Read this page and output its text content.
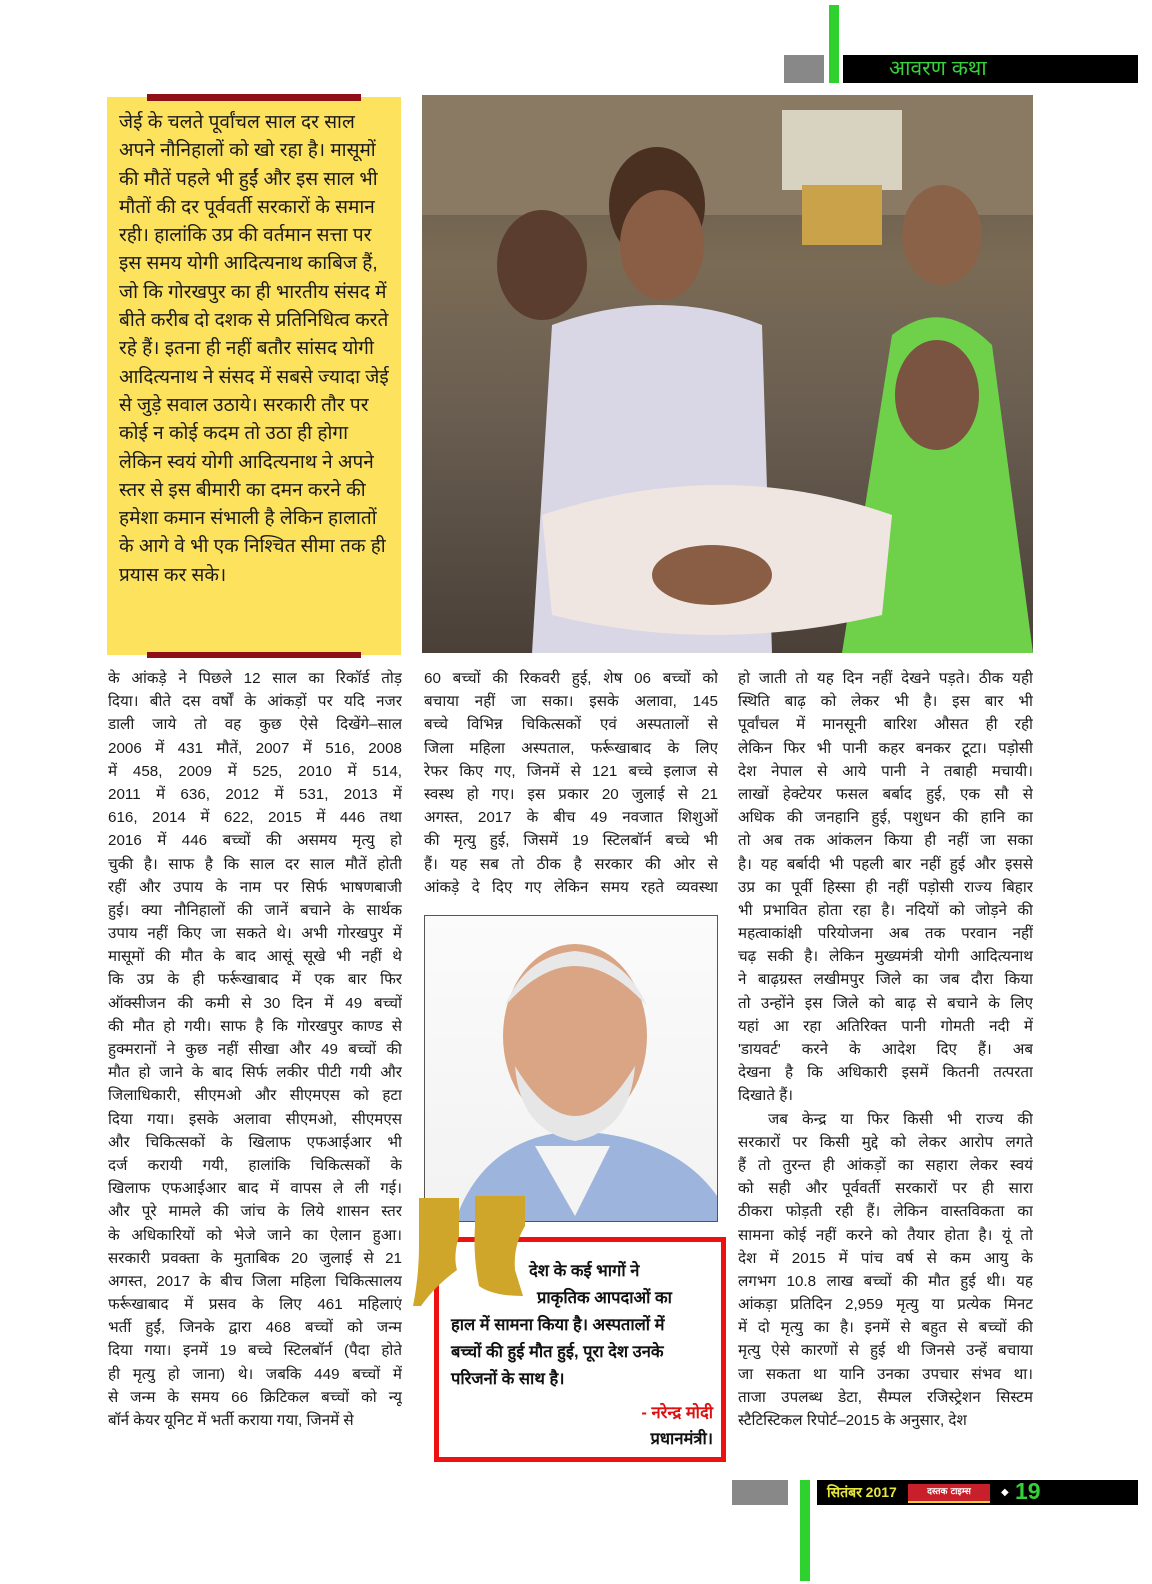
आवरण कथा
जेई के चलते पूर्वांचल साल दर साल
अपने नौनिहालों को खो रहा है। मासूमों
की मौतें पहले भी हुईं और इस साल भी
मौतों की दर पूर्ववर्ती सरकारों के समान
रही। हालांकि उप्र की वर्तमान सत्ता पर
इस समय योगी आदित्यनाथ काबिज हैं,
जो कि गोरखपुर का ही भारतीय संसद में
बीते करीब दो दशक से प्रतिनिधित्व करते
रहे हैं। इतना ही नहीं बतौर सांसद योगी
आदित्यनाथ ने संसद में सबसे ज्यादा जेई
से जुड़े सवाल उठाये। सरकारी तौर पर
कोई न कोई कदम तो उठा ही होगा
लेकिन स्वयं योगी आदित्यनाथ ने अपने
स्तर से इस बीमारी का दमन करने की
हमेशा कमान संभाली है लेकिन हालातों
के आगे वे भी एक निश्चित सीमा तक ही
प्रयास कर सके।
के आंकड़े ने पिछले 12 साल का रिकॉर्ड तोड़
दिया। बीते दस वर्षों के आंकड़ों पर यदि नजर
डाली जाये तो वह कुछ ऐसे दिखेंगे–साल
2006 में 431 मौतें, 2007 में 516, 2008
में 458, 2009 में 525, 2010 में 514,
2011 में 636, 2012 में 531, 2013 में
616, 2014 में 622, 2015 में 446 तथा
2016 में 446 बच्चों की असमय मृत्यु हो
चुकी है। साफ है कि साल दर साल मौतें होती
रहीं और उपाय के नाम पर सिर्फ भाषणबाजी
हुई। क्या नौनिहालों की जानें बचाने के सार्थक
उपाय नहीं किए जा सकते थे। अभी गोरखपुर में
मासूमों की मौत के बाद आसूं सूखे भी नहीं थे
कि उप्र के ही फर्रूखाबाद में एक बार फिर
ऑक्सीजन की कमी से 30 दिन में 49 बच्चों
की मौत हो गयी। साफ है कि गोरखपुर काण्ड से
हुक्मरानों ने कुछ नहीं सीखा और 49 बच्चों की
मौत हो जाने के बाद सिर्फ लकीर पीटी गयी और
जिलाधिकारी, सीएमओ और सीएमएस को हटा
दिया गया। इसके अलावा सीएमओ, सीएमएस
और चिकित्सकों के खिलाफ एफआईआर भी
दर्ज करायी गयी, हालांकि चिकित्सकों के
खिलाफ एफआईआर बाद में वापस ले ली गई।
और पूरे मामले की जांच के लिये शासन स्तर
के अधिकारियों को भेजे जाने का ऐलान हुआ।
सरकारी प्रवक्ता के मुताबिक 20 जुलाई से 21
अगस्त, 2017 के बीच जिला महिला चिकित्सालय
फर्रूखाबाद में प्रसव के लिए 461 महिलाएं
भर्ती हुईं, जिनके द्वारा 468 बच्चों को जन्म
दिया गया। इनमें 19 बच्चे स्टिलबॉर्न (पैदा होते
ही मृत्यु हो जाना) थे। जबकि 449 बच्चों में
से जन्म के समय 66 क्रिटिकल बच्चों को न्यू
बॉर्न केयर यूनिट में भर्ती कराया गया, जिनमें से
60 बच्चों की रिकवरी हुई, शेष 06 बच्चों को
बचाया नहीं जा सका। इसके अलावा, 145
बच्चे विभिन्न चिकित्सकों एवं अस्पतालों से
जिला महिला अस्पताल, फर्रूखाबाद के लिए
रेफर किए गए, जिनमें से 121 बच्चे इलाज से
स्वस्थ हो गए। इस प्रकार 20 जुलाई से 21
अगस्त, 2017 के बीच 49 नवजात शिशुओं
की मृत्यु हुई, जिसमें 19 स्टिलबॉर्न बच्चे भी
हैं। यह सब तो ठीक है सरकार की ओर से
आंकड़े दे दिए गए लेकिन समय रहते व्यवस्था
हो जाती तो यह दिन नहीं देखने पड़ते। ठीक यही
स्थिति बाढ़ को लेकर भी है। इस बार भी
पूर्वांचल में मानसूनी बारिश औसत ही रही
लेकिन फिर भी पानी कहर बनकर टूटा। पड़ोसी
देश नेपाल से आये पानी ने तबाही मचायी।
लाखों हेक्टेयर फसल बर्बाद हुई, एक सौ से
अधिक की जनहानि हुई, पशुधन की हानि का
तो अब तक आंकलन किया ही नहीं जा सका
है। यह बर्बादी भी पहली बार नहीं हुई और इससे
उप्र का पूर्वी हिस्सा ही नहीं पड़ोसी राज्य बिहार
भी प्रभावित होता रहा है। नदियों को जोड़ने की
महत्वाकांक्षी परियोजना अब तक परवान नहीं
चढ़ सकी है। लेकिन मुख्यमंत्री योगी आदित्यनाथ
ने बाढ़ग्रस्त लखीमपुर जिले का जब दौरा किया
तो उन्होंने इस जिले को बाढ़ से बचाने के लिए
यहां आ रहा अतिरिक्त पानी गोमती नदी में
'डायवर्ट' करने के आदेश दिए हैं। अब
देखना है कि अधिकारी इसमें कितनी तत्परता
दिखाते हैं।
जब केन्द्र या फिर किसी भी राज्य की
सरकारों पर किसी मुद्दे को लेकर आरोप लगते
हैं तो तुरन्त ही आंकड़ों का सहारा लेकर स्वयं
को सही और पूर्ववर्ती सरकारों पर ही सारा
ठीकरा फोड़ती रही हैं। लेकिन वास्तविकता का
सामना कोई नहीं करने को तैयार होता है। यूं तो
देश में 2015 में पांच वर्ष से कम आयु के
लगभग 10.8 लाख बच्चों की मौत हुई थी। यह
आंकड़ा प्रतिदिन 2,959 मृत्यु या प्रत्येक मिनट
में दो मृत्यु का है। इनमें से बहुत से बच्चों की
मृत्यु ऐसे कारणों से हुई थी जिनसे उन्हें बचाया
जा सकता था यानि उनका उपचार संभव था।
ताजा उपलब्ध डेटा, सैम्पल रजिस्ट्रेशन सिस्टम
स्टैटिस्टिकल रिपोर्ट–2015 के अनुसार, देश
देश के कई भागों ने
प्राकृतिक आपदाओं का
हाल में सामना किया है। अस्पतालों में
बच्चों की हुई मौत हुई, पूरा देश उनके
परिजनों के साथ है।
- नरेन्द्र मोदी
प्रधानमंत्री।
सितंबर 2017	दस्तक टाइम्स	◆ 19
